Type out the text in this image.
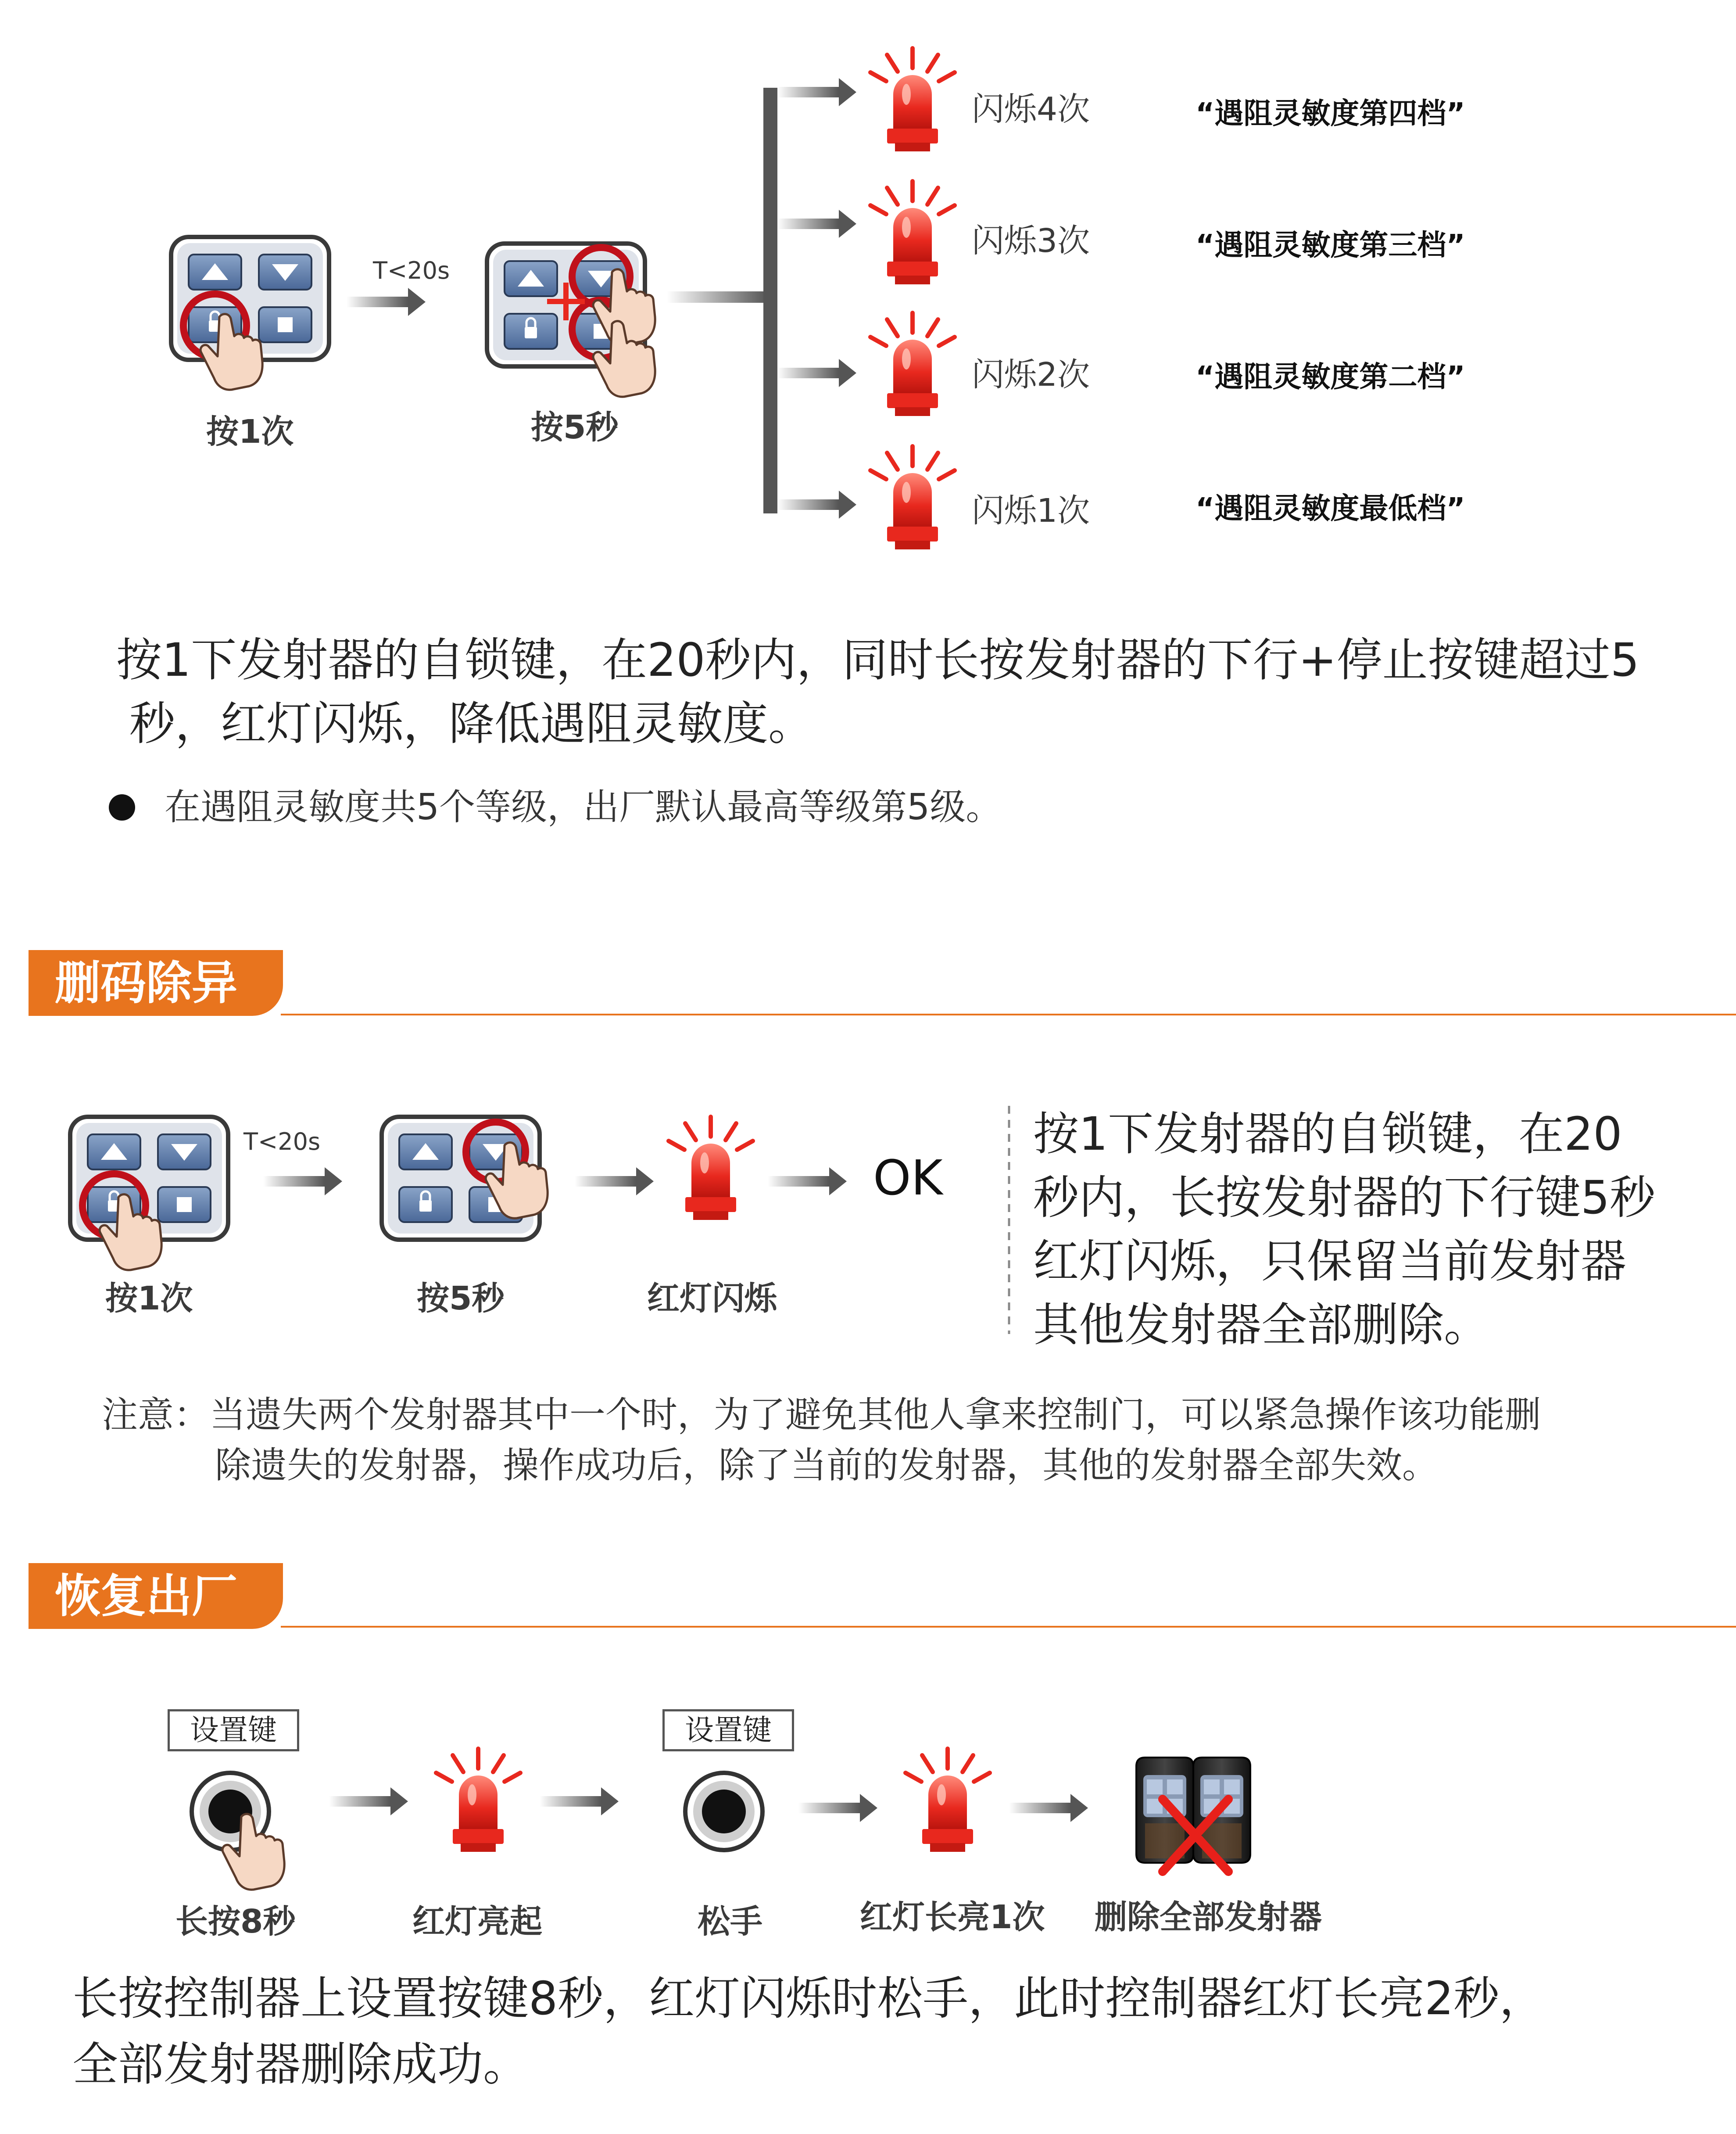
T<20s
按1次	按5秒
闪烁4次	“遇阻灵敏度第四档”
闪烁3次	“遇阻灵敏度第三档”
闪烁2次	“遇阻灵敏度第二档”
闪烁1次	“遇阻灵敏度最低档”
按1下发射器的自锁键，在20秒内，同时长按发射器的下行+停止按键超过5
秒，红灯闪烁，降低遇阻灵敏度。
在遇阻灵敏度共5个等级，出厂默认最高等级第5级。
删码除异
T<20s
按1次	按5秒	红灯闪烁
OK
按1下发射器的自锁键，在20
秒内，长按发射器的下行键5秒
红灯闪烁，只保留当前发射器
其他发射器全部删除。
注意：当遗失两个发射器其中一个时，为了避免其他人拿来控制门，可以紧急操作该功能删
除遗失的发射器，操作成功后，除了当前的发射器，其他的发射器全部失效。
恢复出厂
设置键	设置键
长按8秒	红灯亮起	松手	红灯长亮1次 删除全部发射器
长按控制器上设置按键8秒，红灯闪烁时松手，此时控制器红灯长亮2秒，
全部发射器删除成功。
